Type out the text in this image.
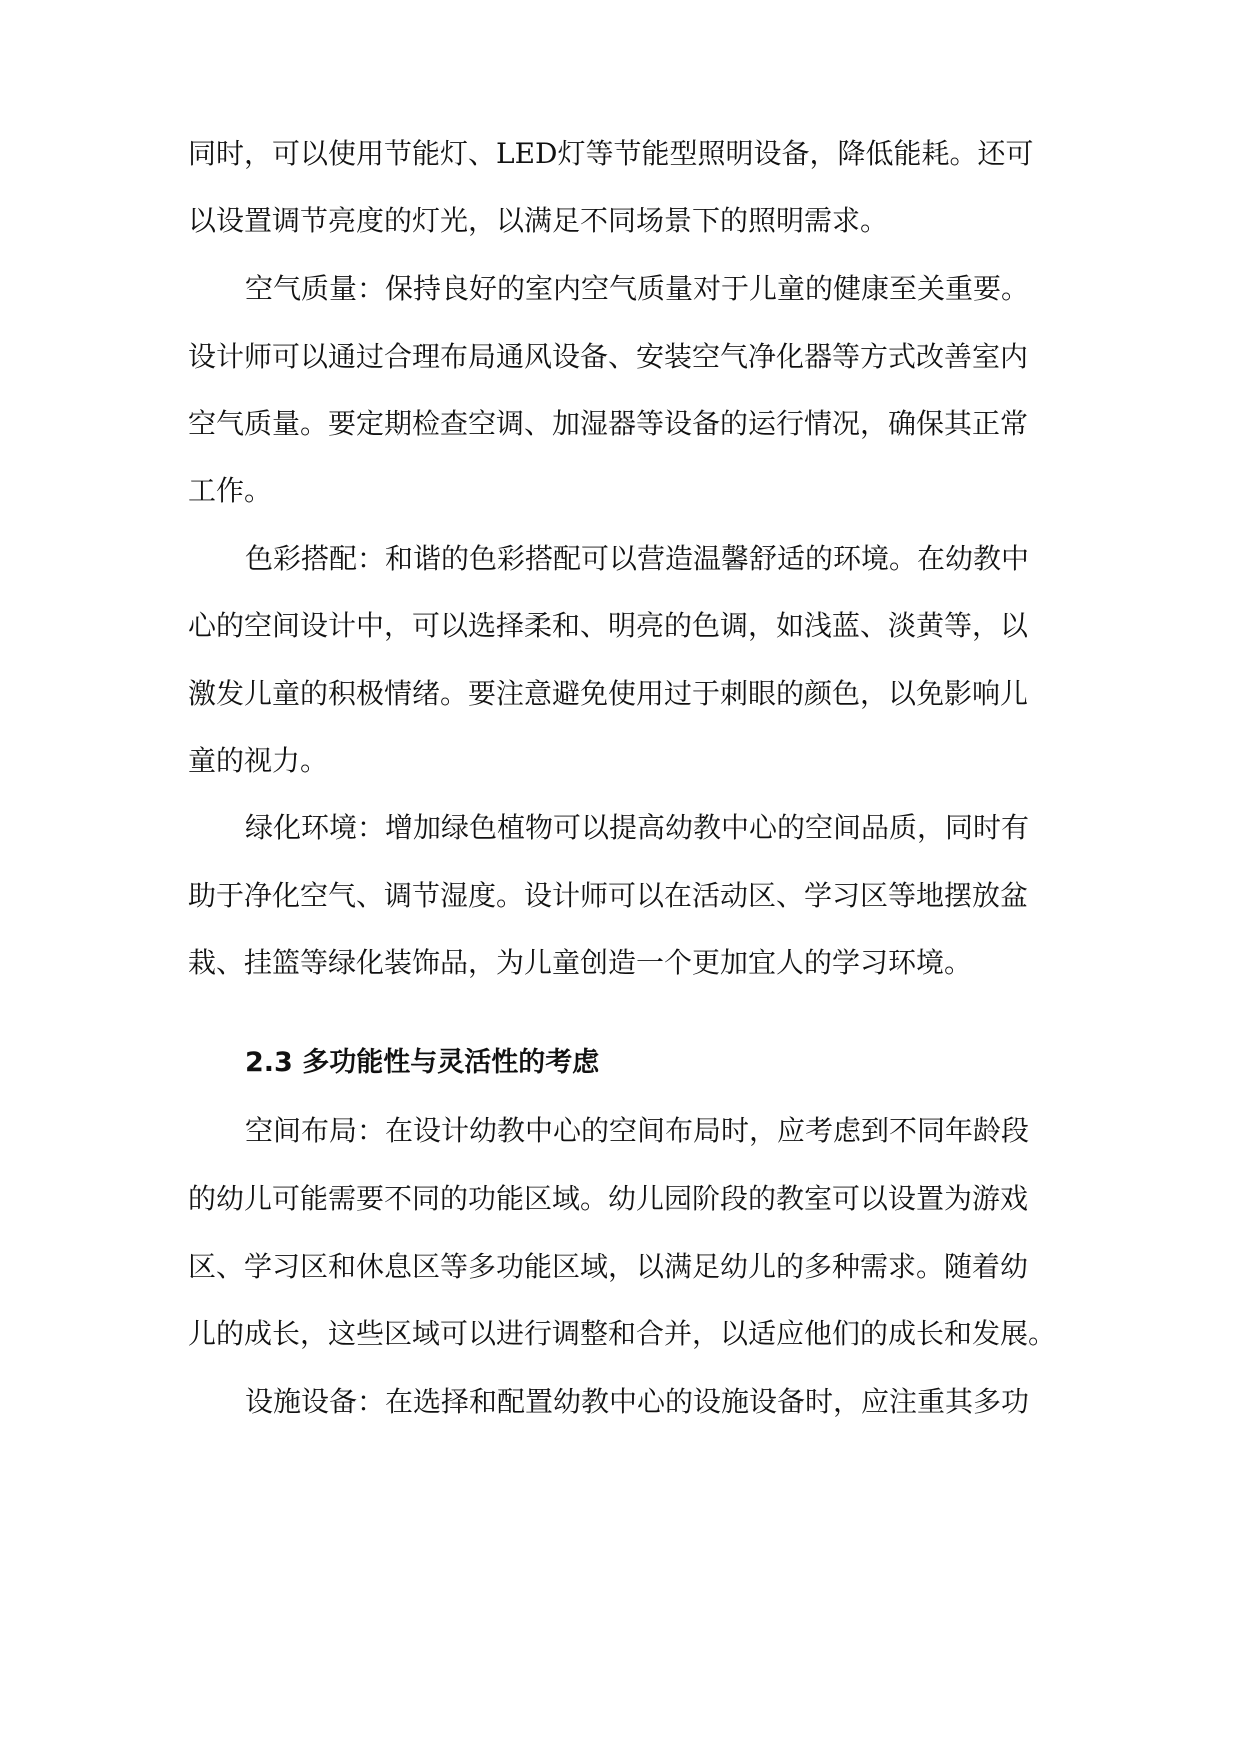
同时，可以使用节能灯、LED灯等节能型照明设备，降低能耗。还可
以设置调节亮度的灯光，以满足不同场景下的照明需求。
空气质量：保持良好的室内空气质量对于儿童的健康至关重要。
设计师可以通过合理布局通风设备、安装空气净化器等方式改善室内
空气质量。要定期检查空调、加湿器等设备的运行情况，确保其正常
工作。
色彩搭配：和谐的色彩搭配可以营造温馨舒适的环境。在幼教中
心的空间设计中，可以选择柔和、明亮的色调，如浅蓝、淡黄等，以
激发儿童的积极情绪。要注意避免使用过于刺眼的颜色，以免影响儿
童的视力。
绿化环境：增加绿色植物可以提高幼教中心的空间品质，同时有
助于净化空气、调节湿度。设计师可以在活动区、学习区等地摆放盆
栽、挂篮等绿化装饰品，为儿童创造一个更加宜人的学习环境。
2.3 多功能性与灵活性的考虑
空间布局：在设计幼教中心的空间布局时，应考虑到不同年龄段
的幼儿可能需要不同的功能区域。幼儿园阶段的教室可以设置为游戏
区、学习区和休息区等多功能区域，以满足幼儿的多种需求。随着幼
儿的成长，这些区域可以进行调整和合并，以适应他们的成长和发展。
设施设备：在选择和配置幼教中心的设施设备时，应注重其多功
